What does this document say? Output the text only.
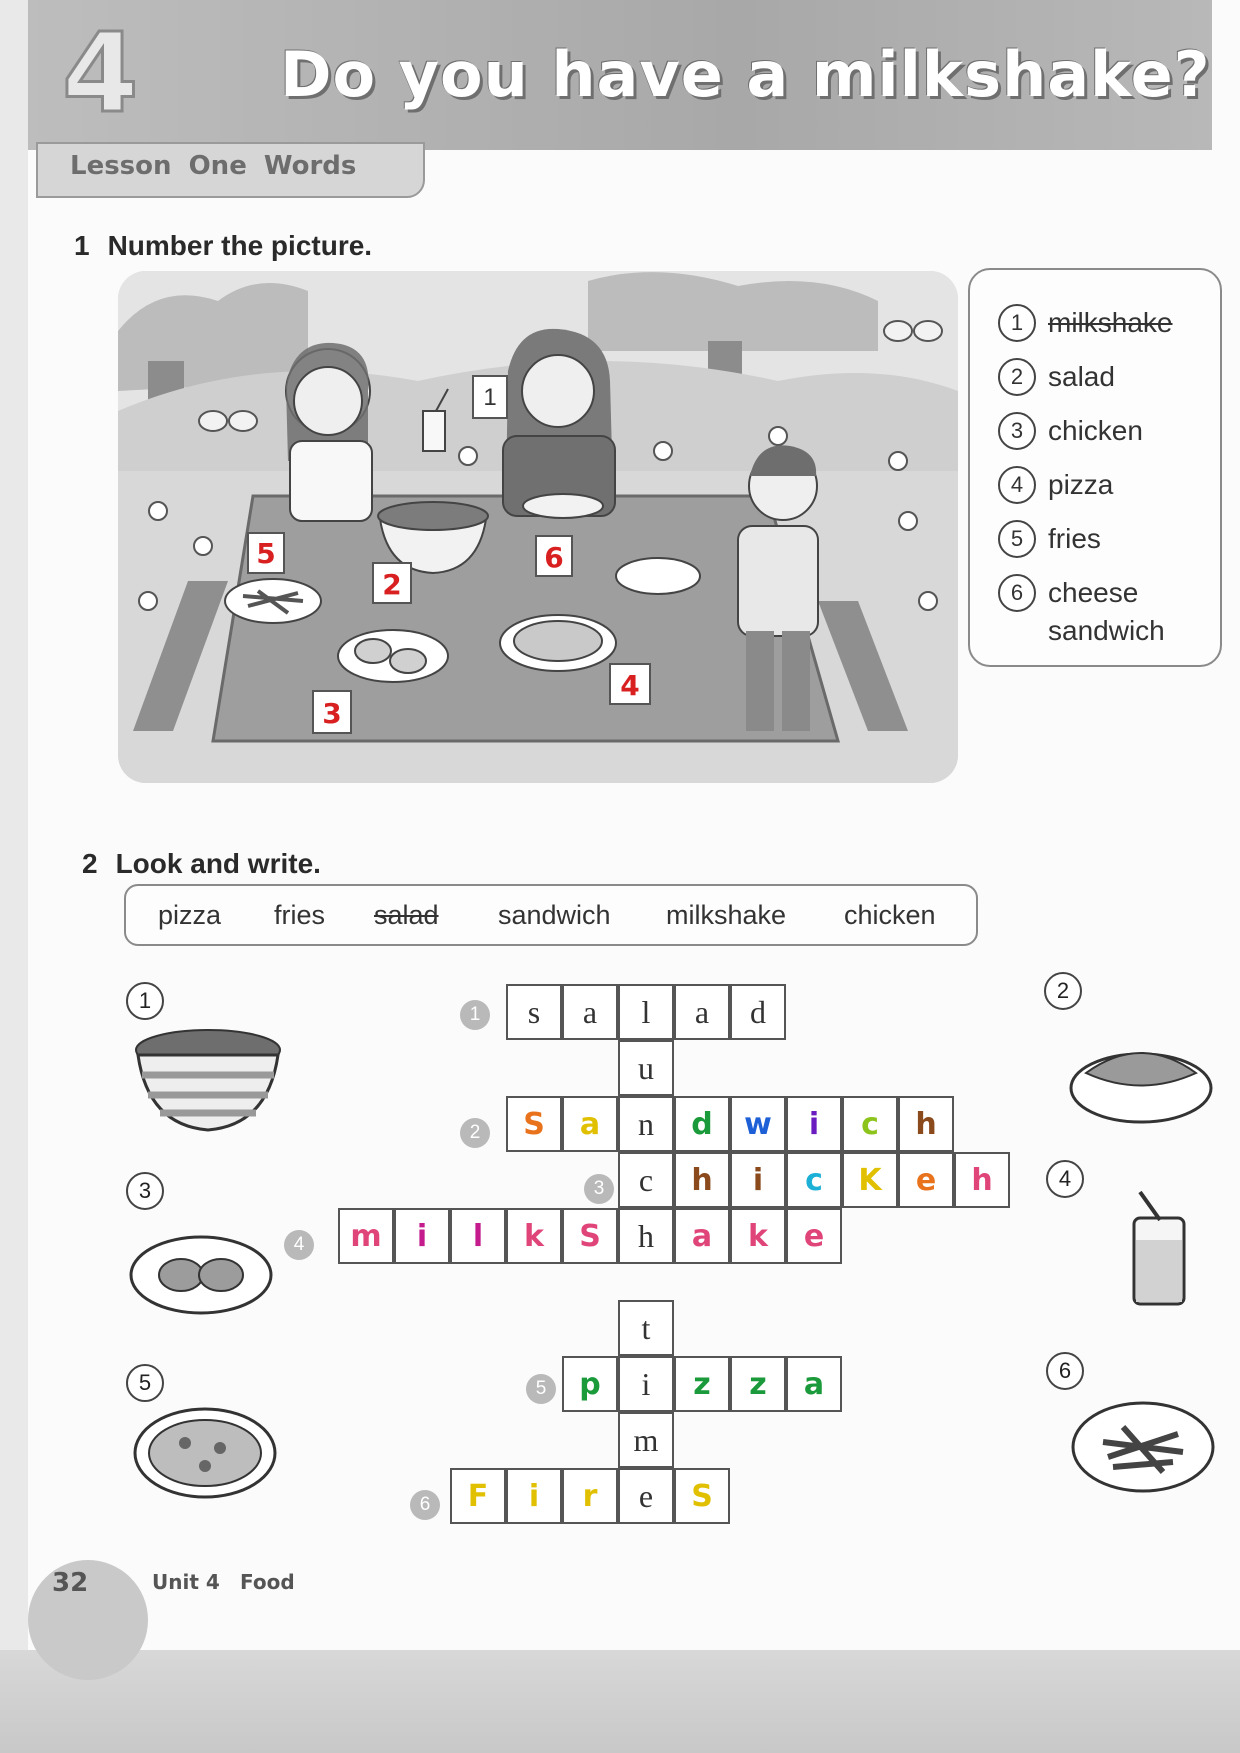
4 Do you have a milkshake?
Lesson One Words
1 Number the picture.
1
5
2
6
3
4
1 milkshake
2 salad
3 chicken
4 pizza
5 fries
6 cheese sandwich
2 Look and write.
pizza fries salad sandwich milkshake chicken
1	2
3	4
5	6
1
2
3
4
5
6
s	a	l	a	d
u
S	a	n	d	w	i	c	h
c	h	i	c	K	e	h
m	i	l	k	S	h	a	k	e
t
p	i	z	z	a
m
F	i	r	e	S
32	Unit 4 Food
